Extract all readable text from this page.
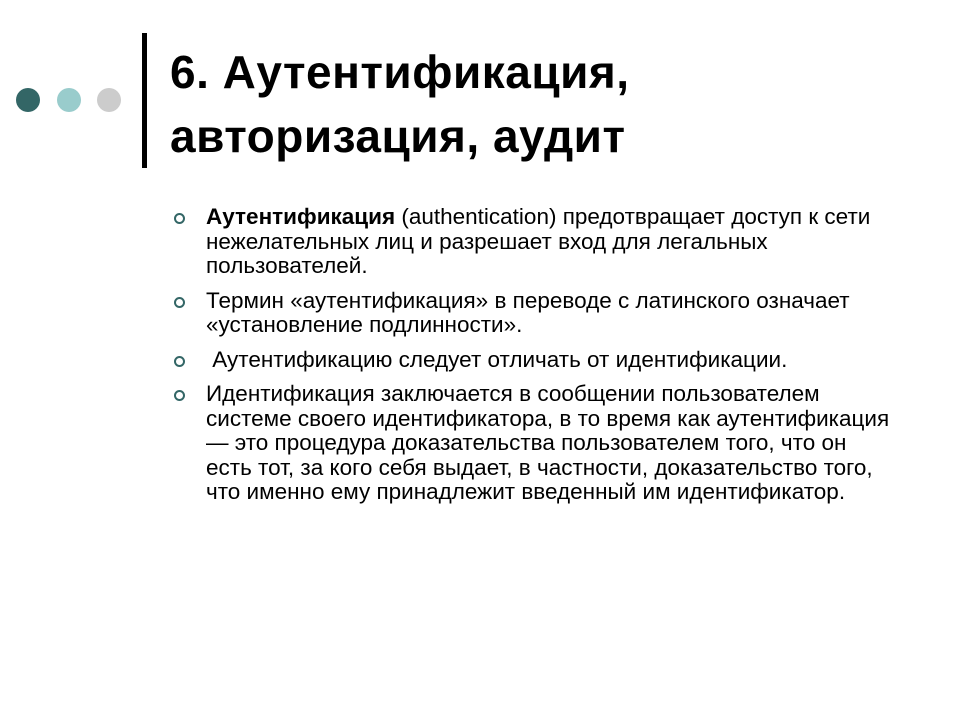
6. Аутентификация,
авторизация, аудит
Аутентификация (authentication) предотвращает доступ к сети нежелательных лиц и разрешает вход для легальных пользователей.
Термин «аутентификация» в переводе с латинского означает «установление подлинности».
Аутентификацию следует отличать от идентификации.
Идентификация заключается в сообщении пользователем системе своего идентификатора, в то время как аутентификация — это процедура доказательства пользователем того, что он есть тот, за кого себя выдает, в частности, доказательство того, что именно ему принадлежит введенный им идентификатор.
